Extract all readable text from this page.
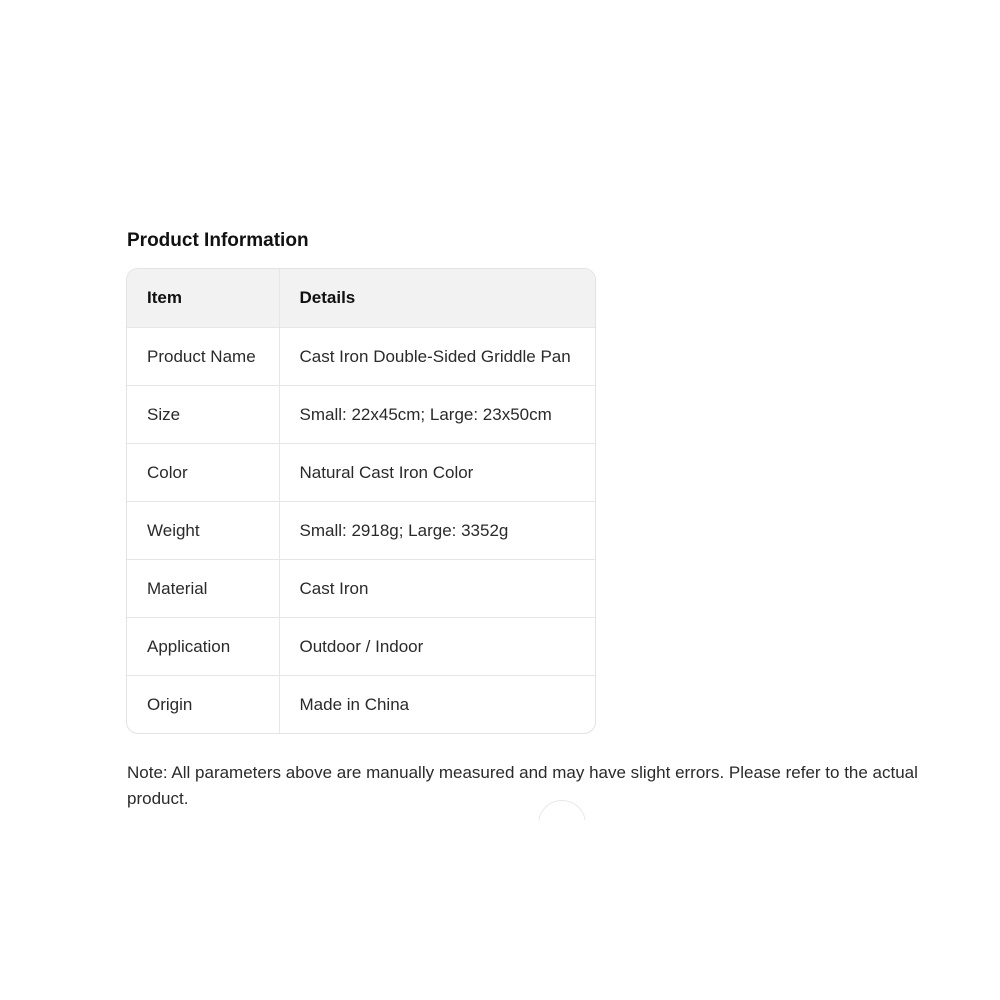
Product Information
Item	Details
Product Name	Cast Iron Double-Sided Griddle Pan
Size	Small: 22x45cm; Large: 23x50cm
Color	Natural Cast Iron Color
Weight	Small: 2918g; Large: 3352g
Material	Cast Iron
Application	Outdoor / Indoor
Origin	Made in China

Note: All parameters above are manually measured and may have slight errors. Please refer to the actual product.
